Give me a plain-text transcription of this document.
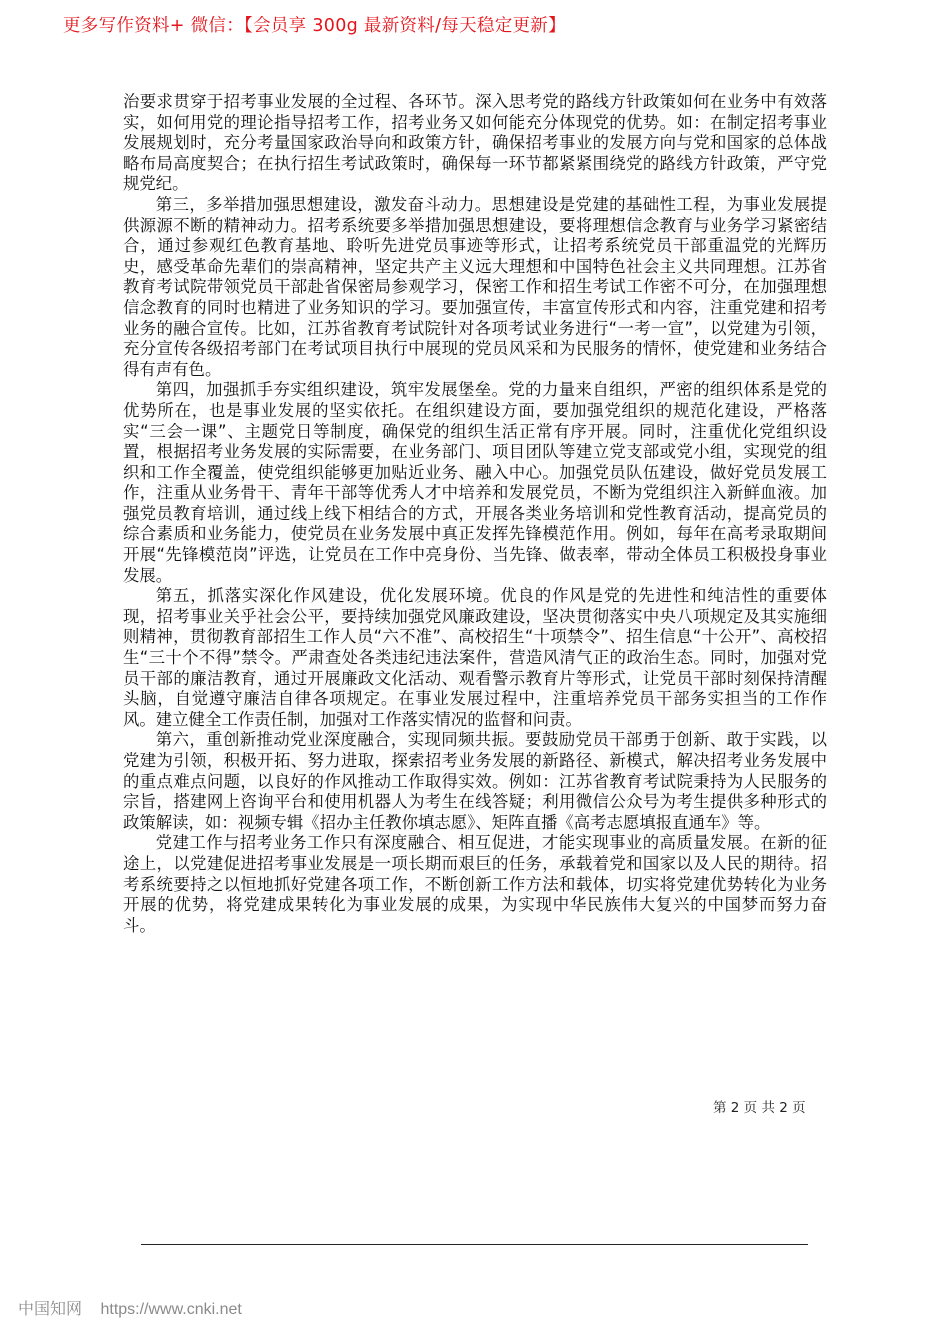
更多写作资料+ 微信：【会员享 300g 最新资料/每天稳定更新】

治要求贯穿于招考事业发展的全过程、各环节。深入思考党的路线方针政策如何在业务中有效落实，如何用党的理论指导招考工作，招考业务又如何能充分体现党的优势。如：在制定招考事业发展规划时，充分考量国家政治导向和政策方针，确保招考事业的发展方向与党和国家的总体战略布局高度契合；在执行招生考试政策时，确保每一环节都紧紧围绕党的路线方针政策，严守党规党纪。

第三，多举措加强思想建设，激发奋斗动力。思想建设是党建的基础性工程，为事业发展提供源源不断的精神动力。招考系统要多举措加强思想建设，要将理想信念教育与业务学习紧密结合，通过参观红色教育基地、聆听先进党员事迹等形式，让招考系统党员干部重温党的光辉历史，感受革命先辈们的崇高精神，坚定共产主义远大理想和中国特色社会主义共同理想。江苏省教育考试院带领党员干部赴省保密局参观学习，保密工作和招生考试工作密不可分，在加强理想信念教育的同时也精进了业务知识的学习。要加强宣传，丰富宣传形式和内容，注重党建和招考业务的融合宣传。比如，江苏省教育考试院针对各项考试业务进行“一考一宣”，以党建为引领，充分宣传各级招考部门在考试项目执行中展现的党员风采和为民服务的情怀，使党建和业务结合得有声有色。

第四，加强抓手夯实组织建设，筑牢发展堡垒。党的力量来自组织，严密的组织体系是党的优势所在，也是事业发展的坚实依托。在组织建设方面，要加强党组织的规范化建设，严格落实“三会一课”、主题党日等制度，确保党的组织生活正常有序开展。同时，注重优化党组织设置，根据招考业务发展的实际需要，在业务部门、项目团队等建立党支部或党小组，实现党的组织和工作全覆盖，使党组织能够更加贴近业务、融入中心。加强党员队伍建设，做好党员发展工作，注重从业务骨干、青年干部等优秀人才中培养和发展党员，不断为党组织注入新鲜血液。加强党员教育培训，通过线上线下相结合的方式，开展各类业务培训和党性教育活动，提高党员的综合素质和业务能力，使党员在业务发展中真正发挥先锋模范作用。例如，每年在高考录取期间开展“先锋模范岗”评选，让党员在工作中亮身份、当先锋、做表率，带动全体员工积极投身事业发展。

第五，抓落实深化作风建设，优化发展环境。优良的作风是党的先进性和纯洁性的重要体现，招考事业关乎社会公平，要持续加强党风廉政建设，坚决贯彻落实中央八项规定及其实施细则精神，贯彻教育部招生工作人员“六不准”、高校招生“十项禁令”、招生信息“十公开”、高校招生“三十个不得”禁令。严肃查处各类违纪违法案件，营造风清气正的政治生态。同时，加强对党员干部的廉洁教育，通过开展廉政文化活动、观看警示教育片等形式，让党员干部时刻保持清醒头脑，自觉遵守廉洁自律各项规定。在事业发展过程中，注重培养党员干部务实担当的工作作风。建立健全工作责任制，加强对工作落实情况的监督和问责。

第六，重创新推动党业深度融合，实现同频共振。要鼓励党员干部勇于创新、敢于实践，以党建为引领，积极开拓、努力进取，探索招考业务发展的新路径、新模式，解决招考业务发展中的重点难点问题，以良好的作风推动工作取得实效。例如：江苏省教育考试院秉持为人民服务的宗旨，搭建网上咨询平台和使用机器人为考生在线答疑；利用微信公众号为考生提供多种形式的政策解读，如：视频专辑《招办主任教你填志愿》、矩阵直播《高考志愿填报直通车》等。

党建工作与招考业务工作只有深度融合、相互促进，才能实现事业的高质量发展。在新的征途上，以党建促进招考事业发展是一项长期而艰巨的任务，承载着党和国家以及人民的期待。招考系统要持之以恒地抓好党建各项工作，不断创新工作方法和载体，切实将党建优势转化为业务开展的优势，将党建成果转化为事业发展的成果，为实现中华民族伟大复兴的中国梦而努力奋斗。

第 2 页 共 2 页
中国知网 https://www.cnki.net
